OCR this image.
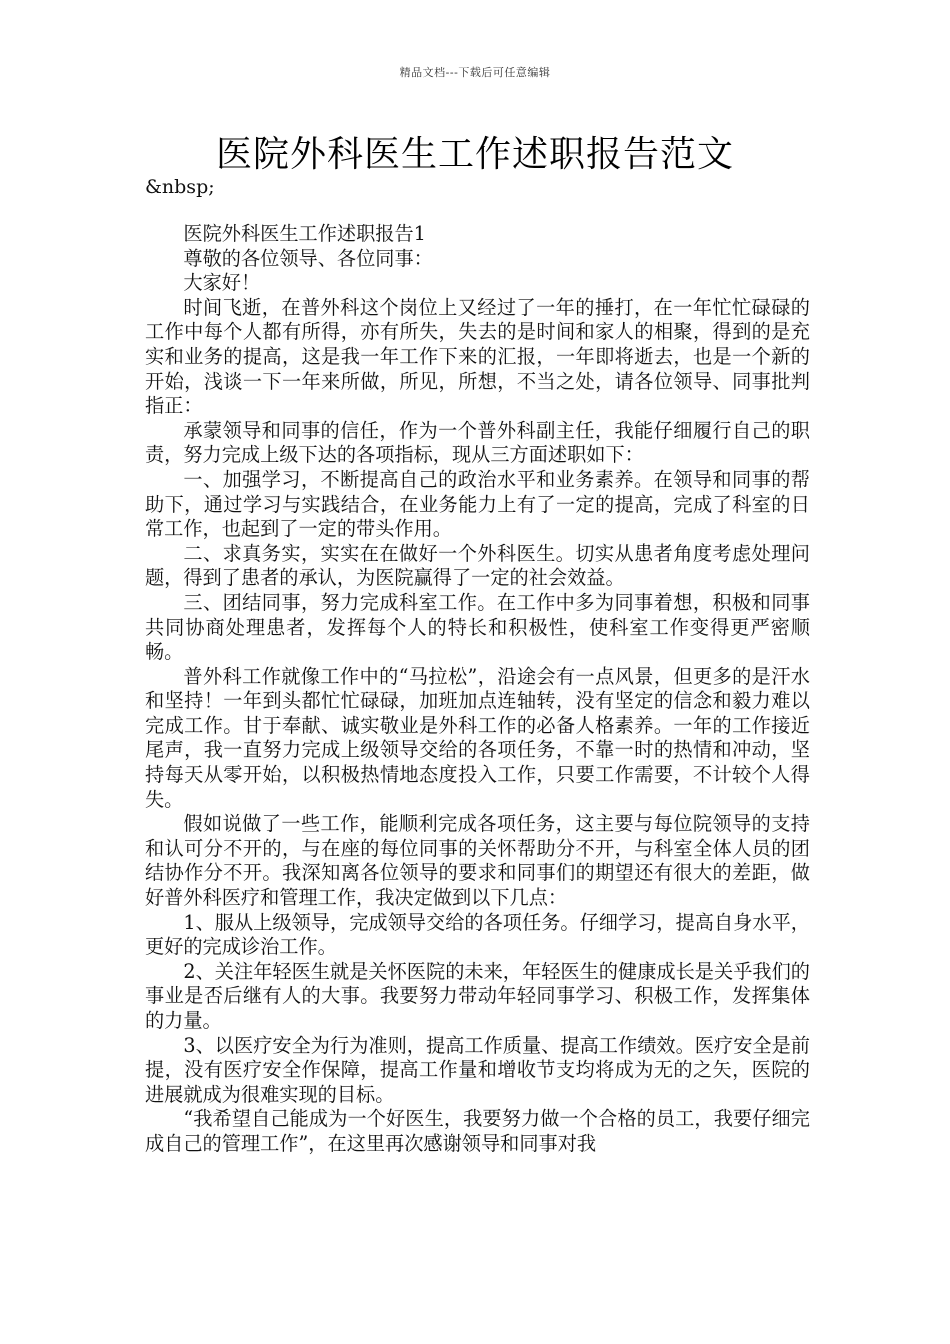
精品文档---下载后可任意编辑
医院外科医生工作述职报告范文
&nbsp;

医院外科医生工作述职报告1

尊敬的各位领导、各位同事：

大家好！

时间飞逝，在普外科这个岗位上又经过了一年的捶打，在一年忙忙碌碌的工作中每个人都有所得，亦有所失，失去的是时间和家人的相聚，得到的是充实和业务的提高，这是我一年工作下来的汇报，一年即将逝去，也是一个新的开始，浅谈一下一年来所做，所见，所想，不当之处，请各位领导、同事批判指正：

承蒙领导和同事的信任，作为一个普外科副主任，我能仔细履行自己的职责，努力完成上级下达的各项指标，现从三方面述职如下：

一、加强学习，不断提高自己的政治水平和业务素养。在领导和同事的帮助下，通过学习与实践结合，在业务能力上有了一定的提高，完成了科室的日常工作，也起到了一定的带头作用。

二、求真务实，实实在在做好一个外科医生。切实从患者角度考虑处理问题，得到了患者的承认，为医院赢得了一定的社会效益。

三、团结同事，努力完成科室工作。在工作中多为同事着想，积极和同事共同协商处理患者，发挥每个人的特长和积极性，使科室工作变得更严密顺畅。

普外科工作就像工作中的“马拉松”，沿途会有一点风景，但更多的是汗水和坚持！一年到头都忙忙碌碌，加班加点连轴转，没有坚定的信念和毅力难以完成工作。甘于奉献、诚实敬业是外科工作的必备人格素养。一年的工作接近尾声，我一直努力完成上级领导交给的各项任务，不靠一时的热情和冲动，坚持每天从零开始，以积极热情地态度投入工作，只要工作需要，不计较个人得失。

假如说做了一些工作，能顺利完成各项任务，这主要与每位院领导的支持和认可分不开的，与在座的每位同事的关怀帮助分不开，与科室全体人员的团结协作分不开。我深知离各位领导的要求和同事们的期望还有很大的差距，做好普外科医疗和管理工作，我决定做到以下几点：

1、服从上级领导，完成领导交给的各项任务。仔细学习，提高自身水平，更好的完成诊治工作。

2、关注年轻医生就是关怀医院的未来，年轻医生的健康成长是关乎我们的事业是否后继有人的大事。我要努力带动年轻同事学习、积极工作，发挥集体的力量。

3、以医疗安全为行为准则，提高工作质量、提高工作绩效。医疗安全是前提，没有医疗安全作保障，提高工作量和增收节支均将成为无的之矢，医院的进展就成为很难实现的目标。

“我希望自己能成为一个好医生，我要努力做一个合格的员工，我要仔细完成自己的管理工作”，在这里再次感谢领导和同事对我
